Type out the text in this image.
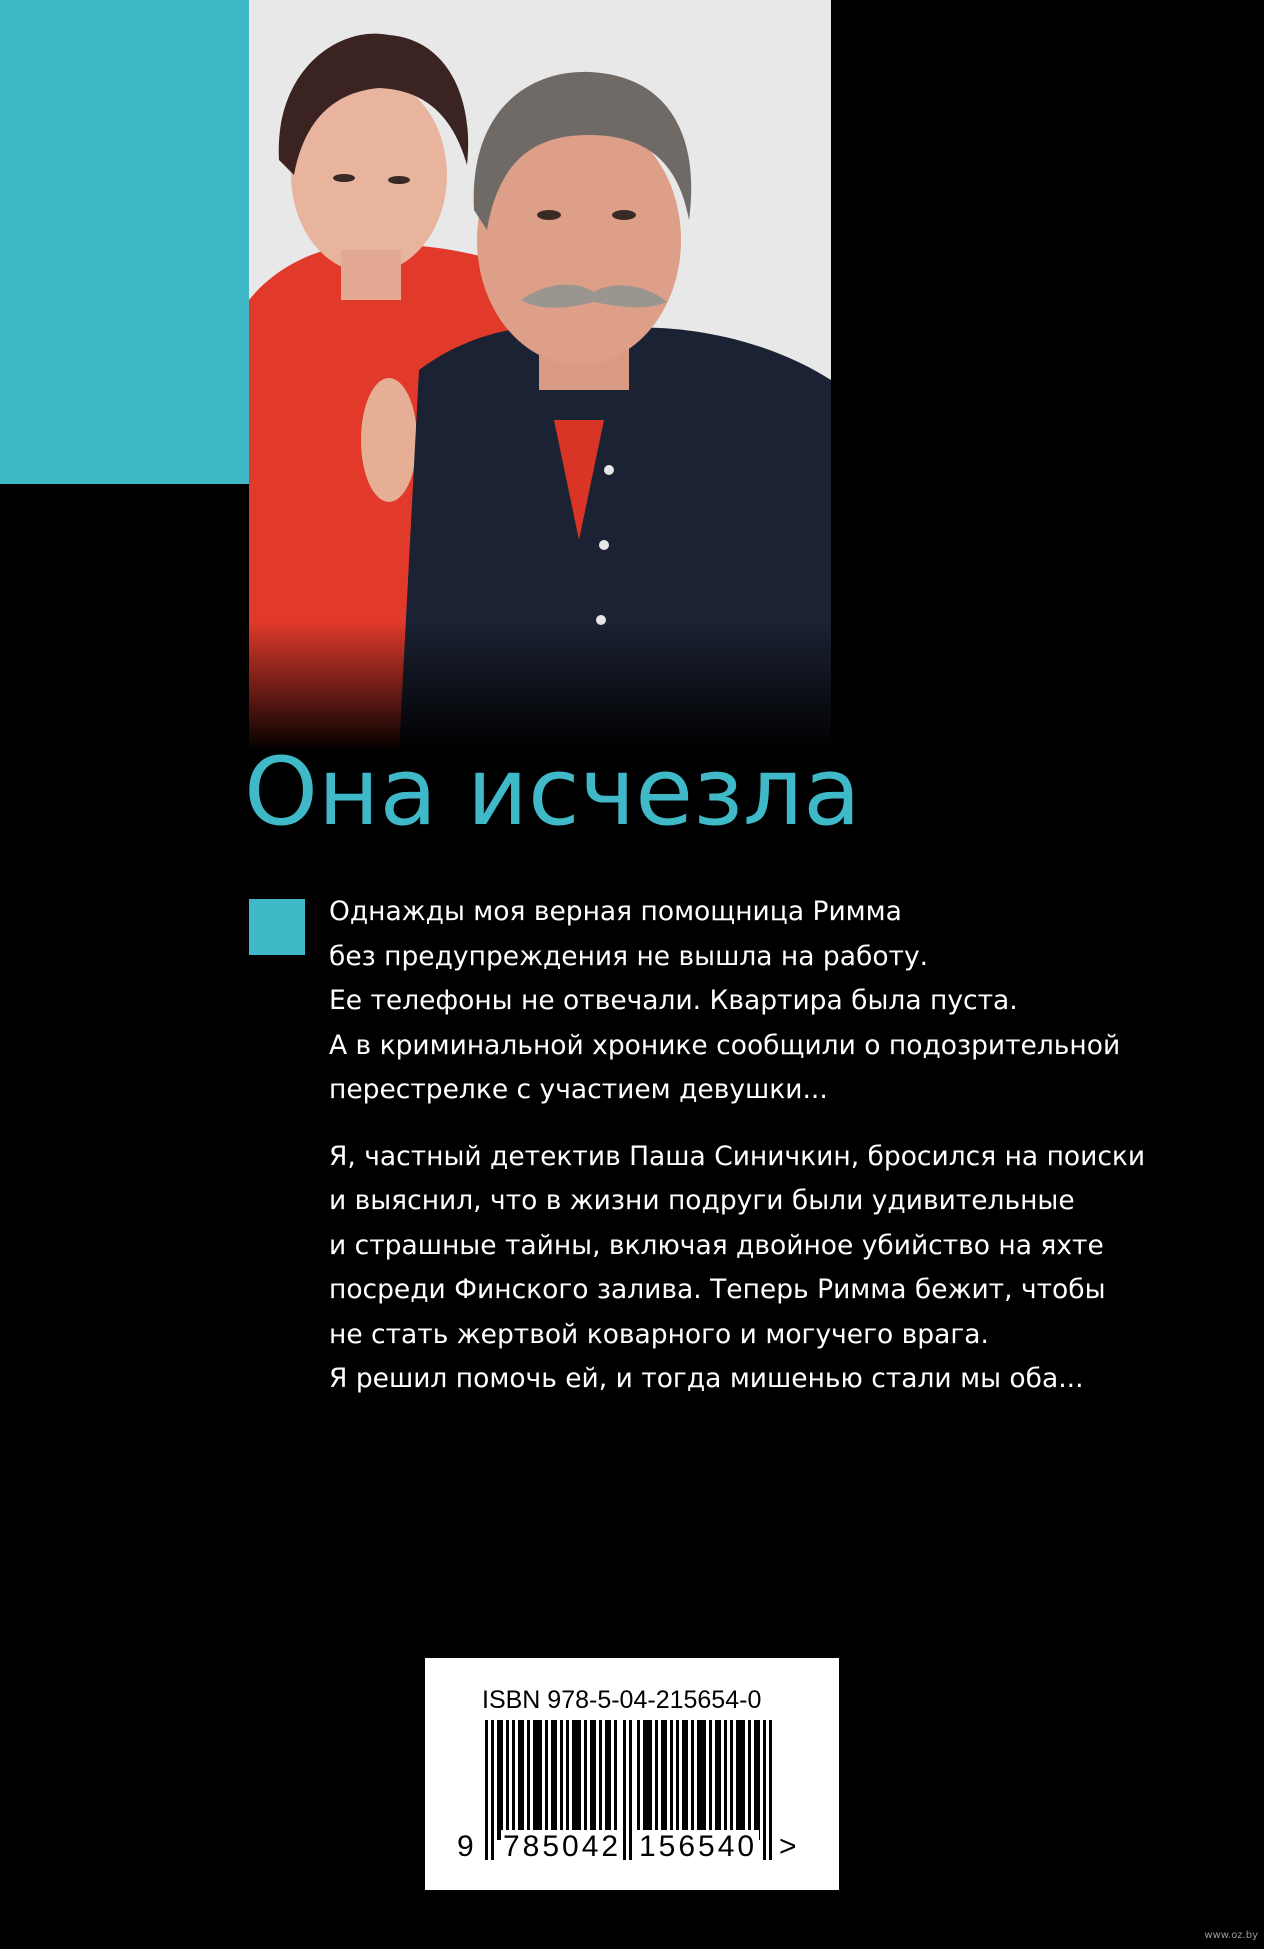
Она исчезла

Однажды моя верная помощница Римма
без предупреждения не вышла на работу.
Ее телефоны не отвечали. Квартира была пуста.
А в криминальной хронике сообщили о подозрительной
перестрелке с участием девушки...

Я, частный детектив Паша Синичкин, бросился на поиски
и выяснил, что в жизни подруги были удивительные
и страшные тайны, включая двойное убийство на яхте
посреди Финского залива. Теперь Римма бежит, чтобы
не стать жертвой коварного и могучего врага.
Я решил помочь ей, и тогда мишенью стали мы оба...

ISBN 978-5-04-215654-0
9 785042 156540 >
www.oz.by
